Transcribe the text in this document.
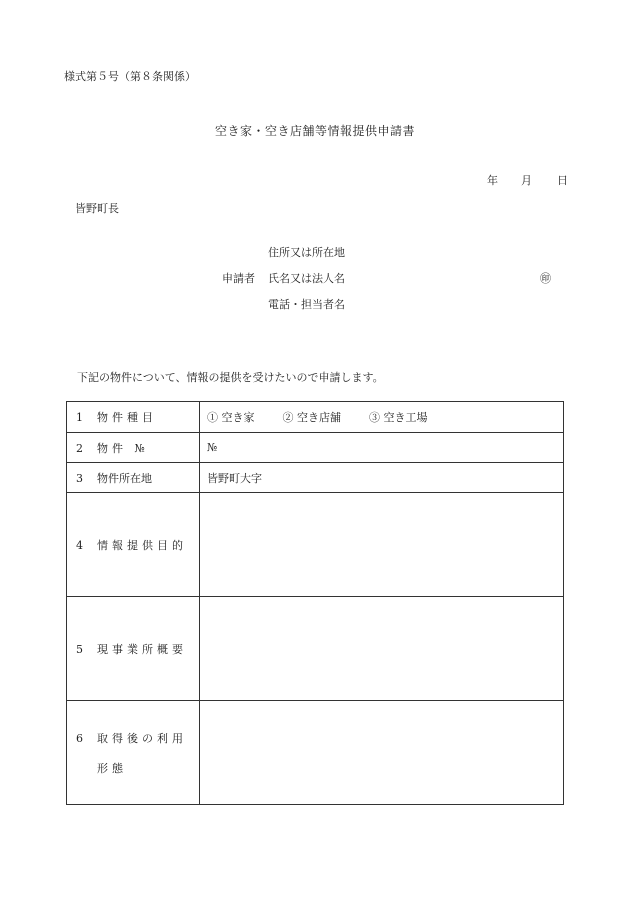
様式第５号（第８条関係）
空き家・空き店舗等情報提供申請書
年 月 日
皆野町長
申請者
住所又は所在地
氏名又は法人名
電話・担当者名
㊞
下記の物件について、情報の提供を受けたいので申請します。
1 物件種目	① 空き家 ② 空き店舗 ③ 空き工場
2 物件 №	№
3 物件所在地	皆野町大字
4 情報提供目的	
5 現事業所概要	
6 取得後の利用
形態	
